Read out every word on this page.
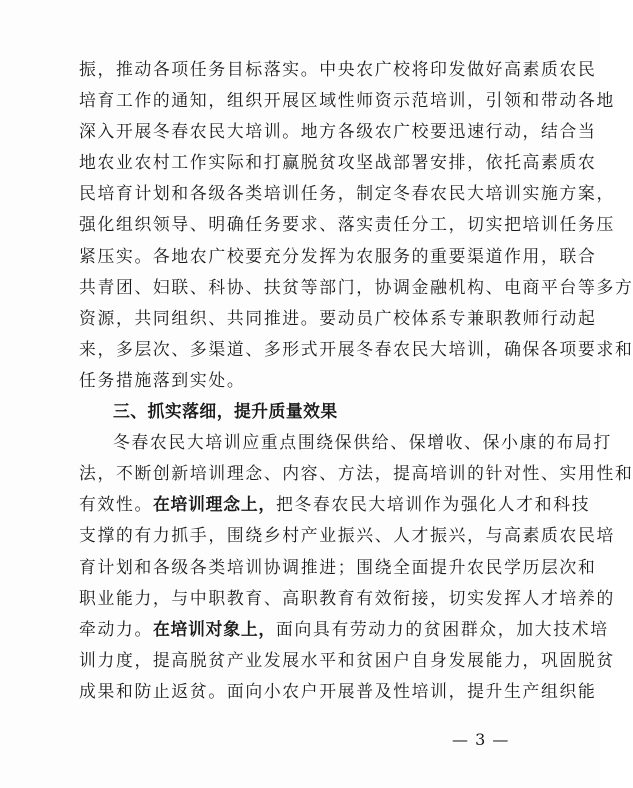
振，推动各项任务目标落实。中央农广校将印发做好高素质农民
培育工作的通知，组织开展区域性师资示范培训，引领和带动各地
深入开展冬春农民大培训。地方各级农广校要迅速行动，结合当
地农业农村工作实际和打赢脱贫攻坚战部署安排，依托高素质农
民培育计划和各级各类培训任务，制定冬春农民大培训实施方案，
强化组织领导、明确任务要求、落实责任分工，切实把培训任务压
紧压实。各地农广校要充分发挥为农服务的重要渠道作用，联合
共青团、妇联、科协、扶贫等部门，协调金融机构、电商平台等多方
资源，共同组织、共同推进。要动员广校体系专兼职教师行动起
来，多层次、多渠道、多形式开展冬春农民大培训，确保各项要求和
任务措施落到实处。
三、抓实落细，提升质量效果
冬春农民大培训应重点围绕保供给、保增收、保小康的布局打
法，不断创新培训理念、内容、方法，提高培训的针对性、实用性和
有效性。在培训理念上，把冬春农民大培训作为强化人才和科技
支撑的有力抓手，围绕乡村产业振兴、人才振兴，与高素质农民培
育计划和各级各类培训协调推进；围绕全面提升农民学历层次和
职业能力，与中职教育、高职教育有效衔接，切实发挥人才培养的
牵动力。在培训对象上，面向具有劳动力的贫困群众，加大技术培
训力度，提高脱贫产业发展水平和贫困户自身发展能力，巩固脱贫
成果和防止返贫。面向小农户开展普及性培训，提升生产组织能
— 3 —
